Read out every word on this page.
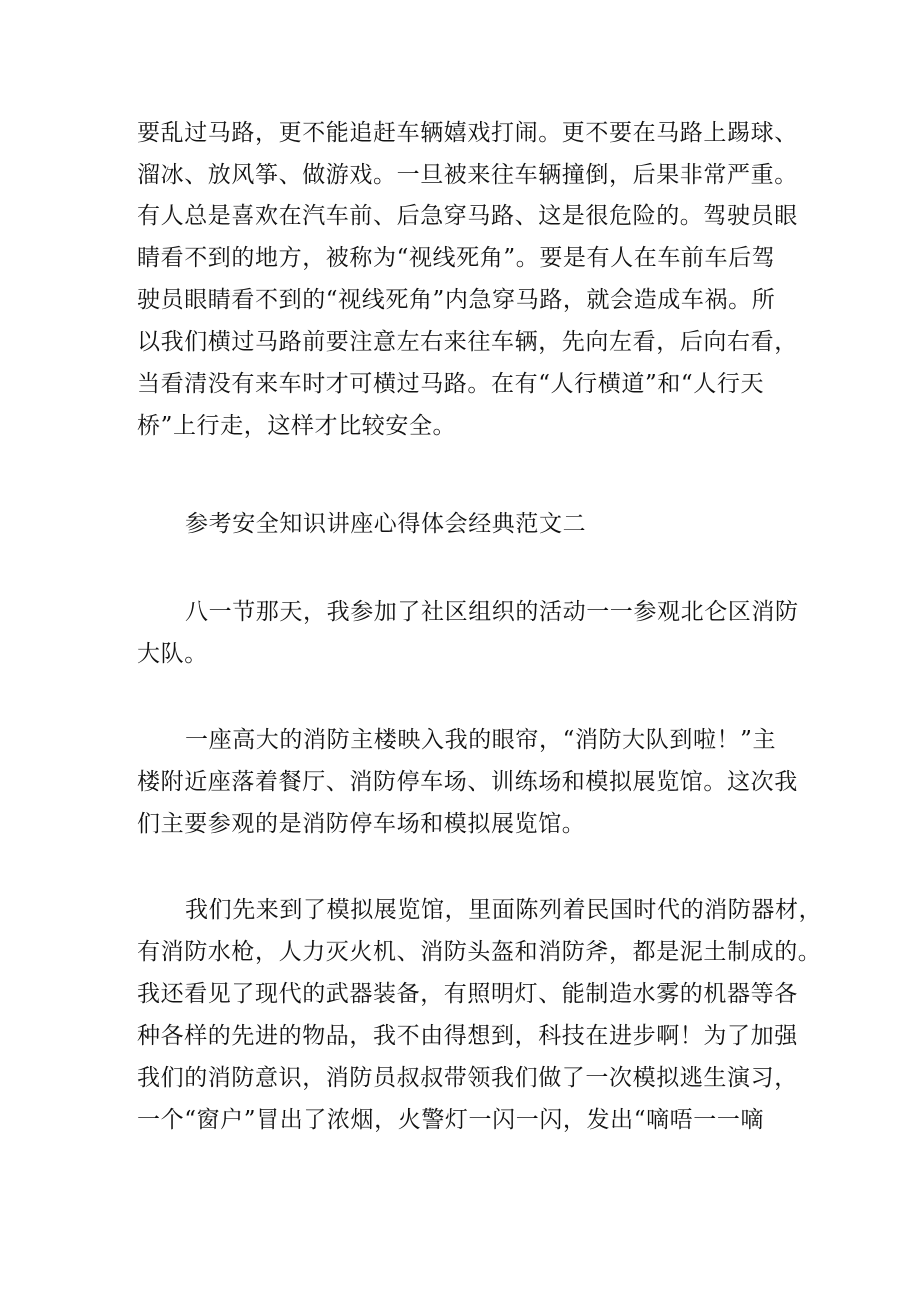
要乱过马路，更不能追赶车辆嬉戏打闹。更不要在马路上踢球、
溜冰、放风筝、做游戏。一旦被来往车辆撞倒，后果非常严重。
有人总是喜欢在汽车前、后急穿马路、这是很危险的。驾驶员眼
睛看不到的地方，被称为“视线死角”。要是有人在车前车后驾
驶员眼睛看不到的“视线死角”内急穿马路，就会造成车祸。所
以我们横过马路前要注意左右来往车辆，先向左看，后向右看，
当看清没有来车时才可横过马路。在有“人行横道”和“人行天
桥”上行走，这样才比较安全。
参考安全知识讲座心得体会经典范文二
八一节那天，我参加了社区组织的活动一一参观北仑区消防
大队。
一座高大的消防主楼映入我的眼帘，“消防大队到啦！”主
楼附近座落着餐厅、消防停车场、训练场和模拟展览馆。这次我
们主要参观的是消防停车场和模拟展览馆。
我们先来到了模拟展览馆，里面陈列着民国时代的消防器材，
有消防水枪，人力灭火机、消防头盔和消防斧，都是泥土制成的。
我还看见了现代的武器装备，有照明灯、能制造水雾的机器等各
种各样的先进的物品，我不由得想到，科技在进步啊！为了加强
我们的消防意识，消防员叔叔带领我们做了一次模拟逃生演习，
一个“窗户”冒出了浓烟，火警灯一闪一闪，发出“嘀唔一一嘀
